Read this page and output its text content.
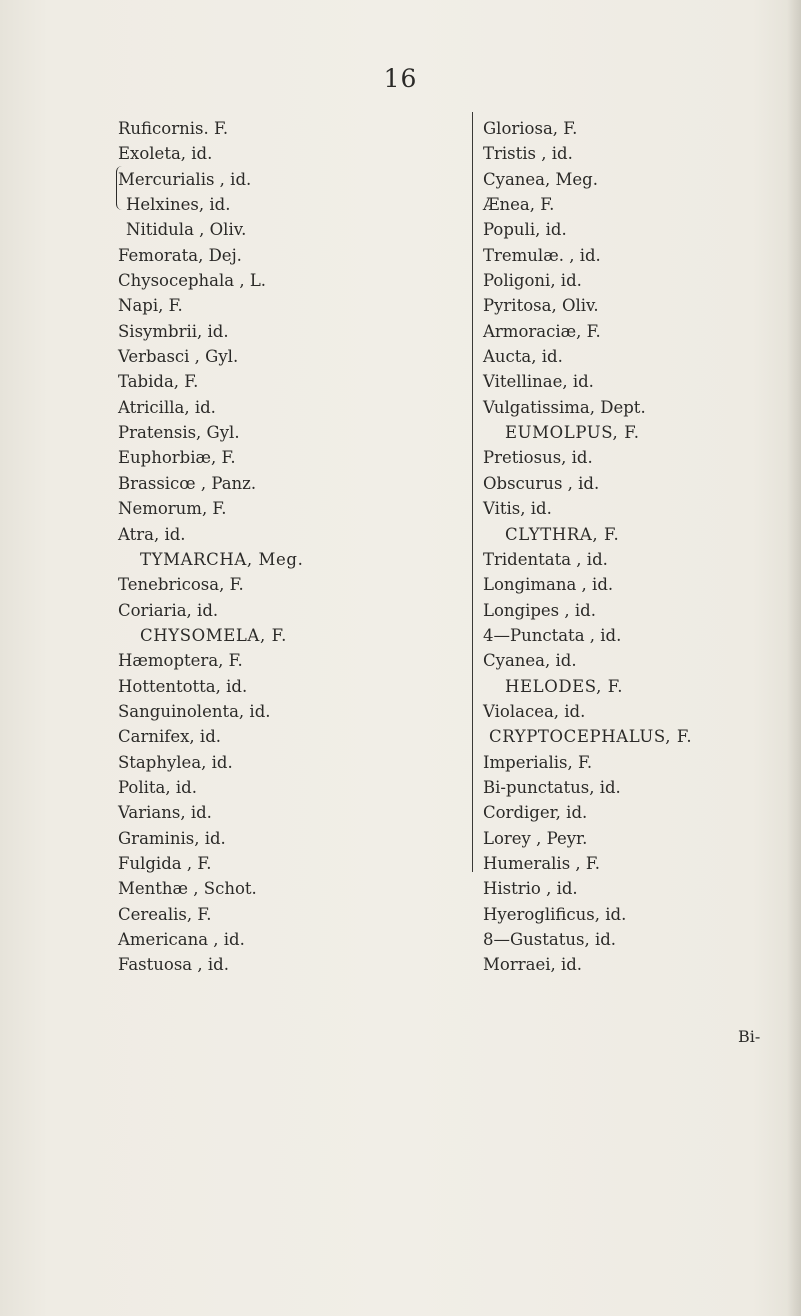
16
Ruficornis. F.
Exoleta, id.
Mercurialis , id.
Helxines, id.
Nitidula , Oliv.
Femorata, Dej.
Chysocephala , L.
Napi, F.
Sisymbrii, id.
Verbasci , Gyl.
Tabida, F.
Atricilla, id.
Pratensis, Gyl.
Euphorbiæ, F.
Brassicœ , Panz.
Nemorum, F.
Atra, id.
TYMARCHA, Meg.
Tenebricosa, F.
Coriaria, id.
CHYSOMELA, F.
Hæmoptera, F.
Hottentotta, id.
Sanguinolenta, id.
Carnifex, id.
Staphylea, id.
Polita, id.
Varians, id.
Graminis, id.
Fulgida , F.
Menthæ , Schot.
Cerealis, F.
Americana , id.
Fastuosa , id.
Gloriosa, F.
Tristis , id.
Cyanea, Meg.
Ænea, F.
Populi, id.
Tremulæ. , id.
Poligoni, id.
Pyritosa, Oliv.
Armoraciæ, F.
Aucta, id.
Vitellinae, id.
Vulgatissima, Dept.
EUMOLPUS, F.
Pretiosus, id.
Obscurus , id.
Vitis, id.
CLYTHRA, F.
Tridentata , id.
Longimana , id.
Longipes , id.
4—Punctata , id.
Cyanea, id.
HELODES, F.
Violacea, id.
CRYPTOCEPHALUS, F.
Imperialis, F.
Bi-punctatus, id.
Cordiger, id.
Lorey , Peyr.
Humeralis , F.
Histrio , id.
Hyeroglificus, id.
8—Gustatus, id.
Morraei, id.
Bi-
